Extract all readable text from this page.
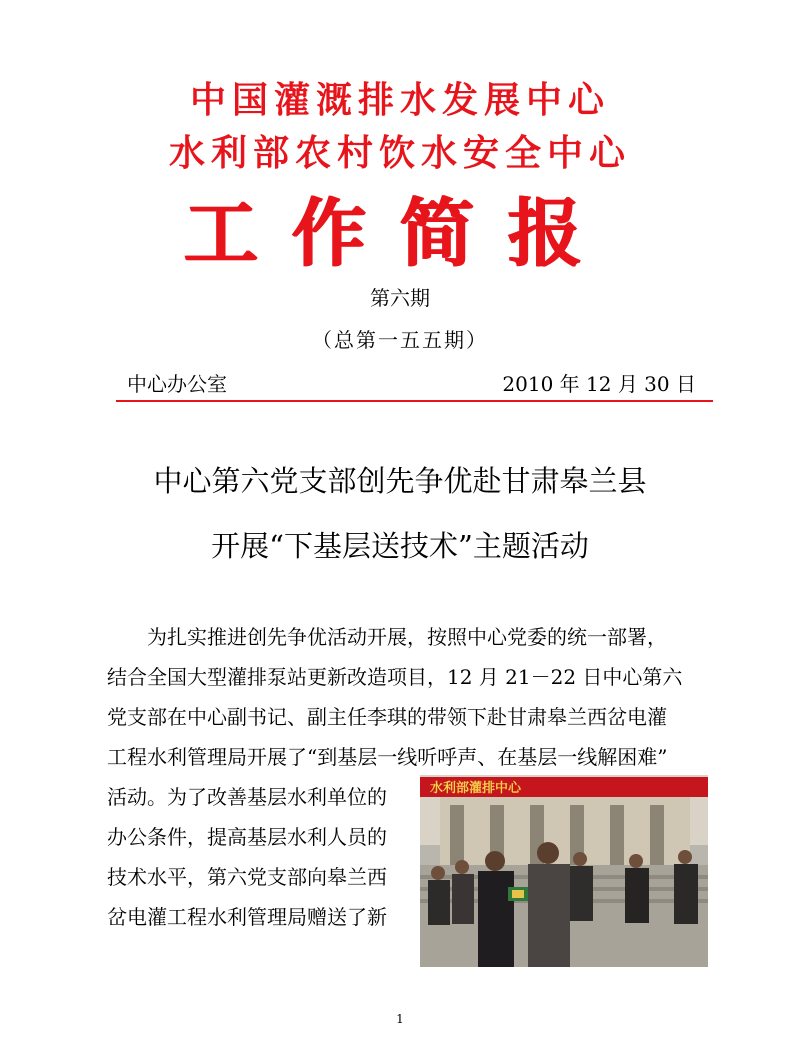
中国灌溉排水发展中心
水利部农村饮水安全中心
工作简报
第六期
（总第一五五期）
中心办公室	2010 年 12 月 30 日
中心第六党支部创先争优赴甘肃皋兰县
开展“下基层送技术”主题活动
　　为扎实推进创先争优活动开展，按照中心党委的统一部署，
结合全国大型灌排泵站更新改造项目，12 月 21－22 日中心第六
党支部在中心副书记、副主任李琪的带领下赴甘肃皋兰西岔电灌
工程水利管理局开展了“到基层一线听呼声、在基层一线解困难”
活动。为了改善基层水利单位的
办公条件，提高基层水利人员的
技术水平，第六党支部向皋兰西
岔电灌工程水利管理局赠送了新
水利部灌排中心
1
